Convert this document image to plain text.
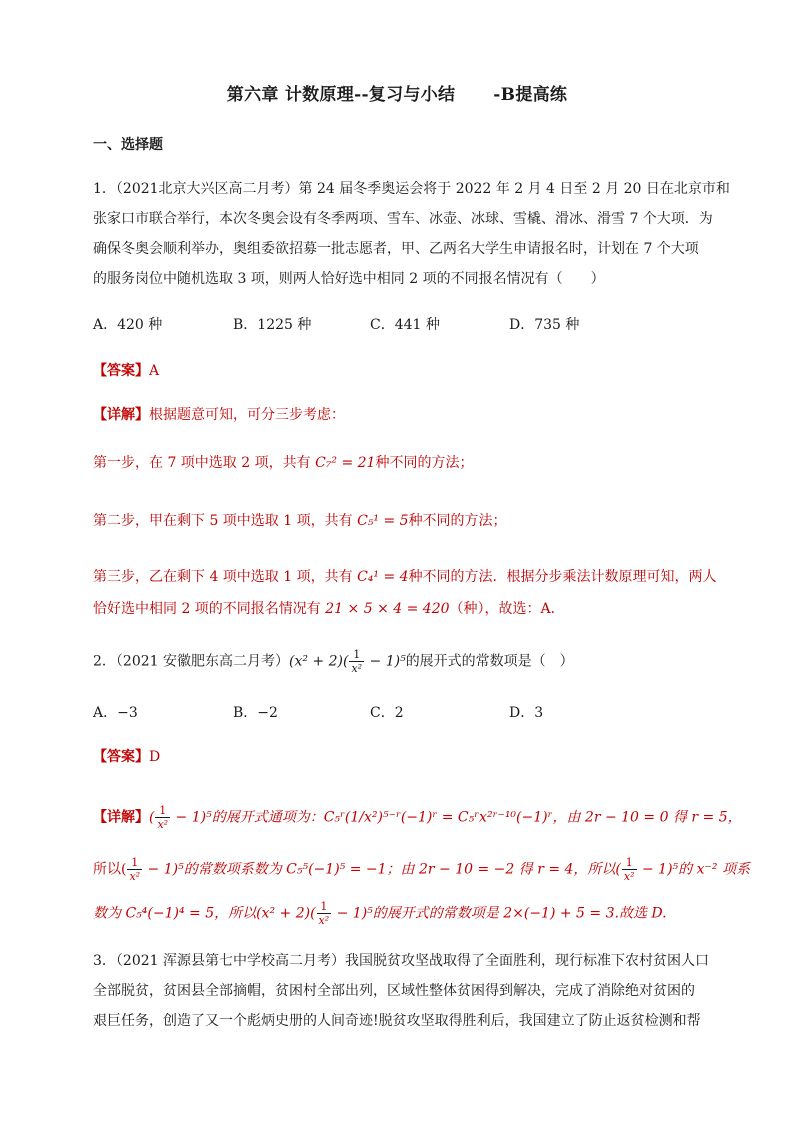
第六章 计数原理--复习与小结 -B提高练
一、选择题
1．（2021北京大兴区高二月考）第 24 届冬季奥运会将于 2022 年 2 月 4 日至 2 月 20 日在北京市和
张家口市联合举行，本次冬奥会设有冬季两项、雪车、冰壶、冰球、雪橇、滑冰、滑雪 7 个大项．为
确保冬奥会顺利举办，奥组委欲招募一批志愿者，甲、乙两名大学生申请报名时，计划在 7 个大项
的服务岗位中随机选取 3 项，则两人恰好选中相同 2 项的不同报名情况有（　　）
A．420 种	B．1225 种	C．441 种	D．735 种
【答案】A
【详解】根据题意可知，可分三步考虑：
第一步，在 7 项中选取 2 项，共有 C₇² = 21种不同的方法；
第二步，甲在剩下 5 项中选取 1 项，共有 C₅¹ = 5种不同的方法；
第三步，乙在剩下 4 项中选取 1 项，共有 C₄¹ = 4种不同的方法．根据分步乘法计数原理可知，两人
恰好选中相同 2 项的不同报名情况有 21 × 5 × 4 = 420（种），故选：A．
2．（2021 安徽肥东高二月考）$(x^2 + 2)( \frac{1}{\text{x²}} - 1)^5$的展开式的常数项是（　）
A．−3	B．−2	C．2	D．3
【答案】D
【详解】( $\frac{1}{\text{x²}} - 1)^5$的展开式通项为：C₅ʳ(1/x²)⁵⁻ʳ(−1)ʳ = C₅ʳx²ʳ⁻¹⁰(−1)ʳ，由 2r − 10 = 0 得 r = 5，
所以( $\frac{1}{\text{x²}} - 1)^5$的常数项系数为 C₅⁵(−1)⁵ = −1；由 2r − 10 = −2 得 r = 4，所以( $\frac{1}{\text{x²}} - 1)^5$的 x⁻² 项系
数为 C₅⁴(−1)⁴ = 5，所以$(x^2 + 2)( \frac{1}{\text{x²}} - 1)^5$的展开式的常数项是 2×(−1) + 5 = 3.故选 D.
3．（2021 浑源县第七中学校高二月考）我国脱贫攻坚战取得了全面胜利，现行标准下农村贫困人口
全部脱贫，贫困县全部摘帽，贫困村全部出列，区域性整体贫困得到解决，完成了消除绝对贫困的
艰巨任务，创造了又一个彪炳史册的人间奇迹!脱贫攻坚取得胜利后，我国建立了防止返贫检测和帮
